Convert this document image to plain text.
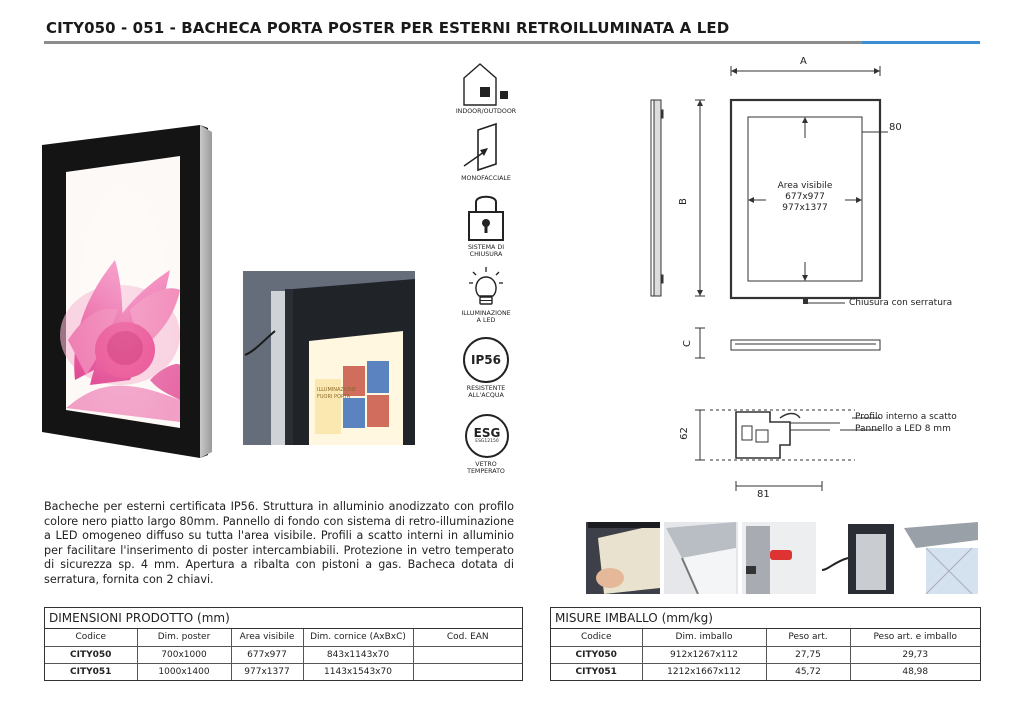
CITY050 - 051 - BACHECA PORTA POSTER PER ESTERNI RETROILLUMINATA A LED
ILLUMINAZIONE
FUORI PORTA
INDOOR/OUTDOOR
MONOFACCIALE
SISTEMA DI
CHIUSURA
ILLUMINAZIONE
A LED
IP56
RESISTENTE
ALL'ACQUA
ESG
ESG12150
VETRO
TEMPERATO
A
B
80
Area visibile
677x977
977x1377
Chiusura con serratura
C
Profilo interno a scatto
Pannello a LED 8 mm
62
81
Bacheche per esterni certificata IP56. Struttura in alluminio anodizzato con profilo colore nero piatto largo 80mm. Pannello di fondo con sistema di retro-illuminazione a LED omogeneo diffuso su tutta l'area visibile. Profili a scatto interni in alluminio per facilitare l'inserimento di poster intercambiabili. Protezione in vetro temperato di sicurezza sp. 4 mm. Apertura a ribalta con pistoni a gas. Bacheca dotata di serratura, fornita con 2 chiavi.
DIMENSIONI PRODOTTO (mm)
Codice	Dim. poster	Area visibile	Dim. cornice (AxBxC)	Cod. EAN
CITY050	700x1000	677x977	843x1143x70	
CITY051	1000x1400	977x1377	1143x1543x70	
MISURE IMBALLO (mm/kg)
Codice	Dim. imballo	Peso art.	Peso art. e imballo
CITY050	912x1267x112	27,75	29,73
CITY051	1212x1667x112	45,72	48,98
